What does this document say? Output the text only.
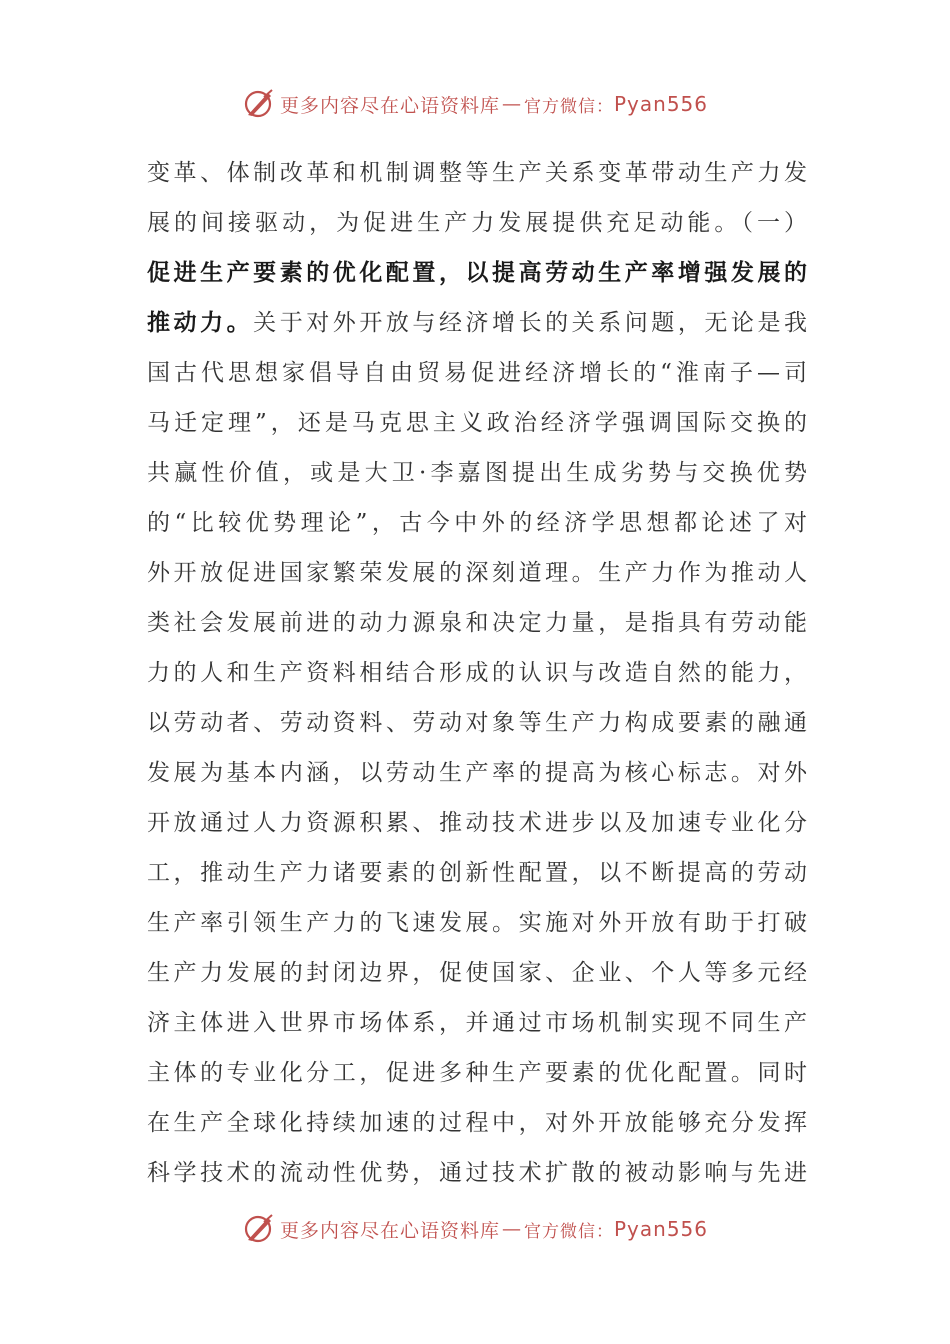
更多内容尽在心语资料库 — 官方微信： Pyan556
变革、体制改革和机制调整等生产关系变革带动生产力发
展的间接驱动，为促进生产力发展提供充足动能。（一）
促进生产要素的优化配置，以提高劳动生产率增强发展的
推动力。关于对外开放与经济增长的关系问题，无论是我
国古代思想家倡导自由贸易促进经济增长的“淮南子—司
马迁定理”，还是马克思主义政治经济学强调国际交换的
共赢性价值，或是大卫·李嘉图提出生成劣势与交换优势
的“比较优势理论”，古今中外的经济学思想都论述了对
外开放促进国家繁荣发展的深刻道理。生产力作为推动人
类社会发展前进的动力源泉和决定力量，是指具有劳动能
力的人和生产资料相结合形成的认识与改造自然的能力，
以劳动者、劳动资料、劳动对象等生产力构成要素的融通
发展为基本内涵，以劳动生产率的提高为核心标志。对外
开放通过人力资源积累、推动技术进步以及加速专业化分
工，推动生产力诸要素的创新性配置，以不断提高的劳动
生产率引领生产力的飞速发展。实施对外开放有助于打破
生产力发展的封闭边界，促使国家、企业、个人等多元经
济主体进入世界市场体系，并通过市场机制实现不同生产
主体的专业化分工，促进多种生产要素的优化配置。同时
在生产全球化持续加速的过程中，对外开放能够充分发挥
科学技术的流动性优势，通过技术扩散的被动影响与先进
更多内容尽在心语资料库 — 官方微信： Pyan556
